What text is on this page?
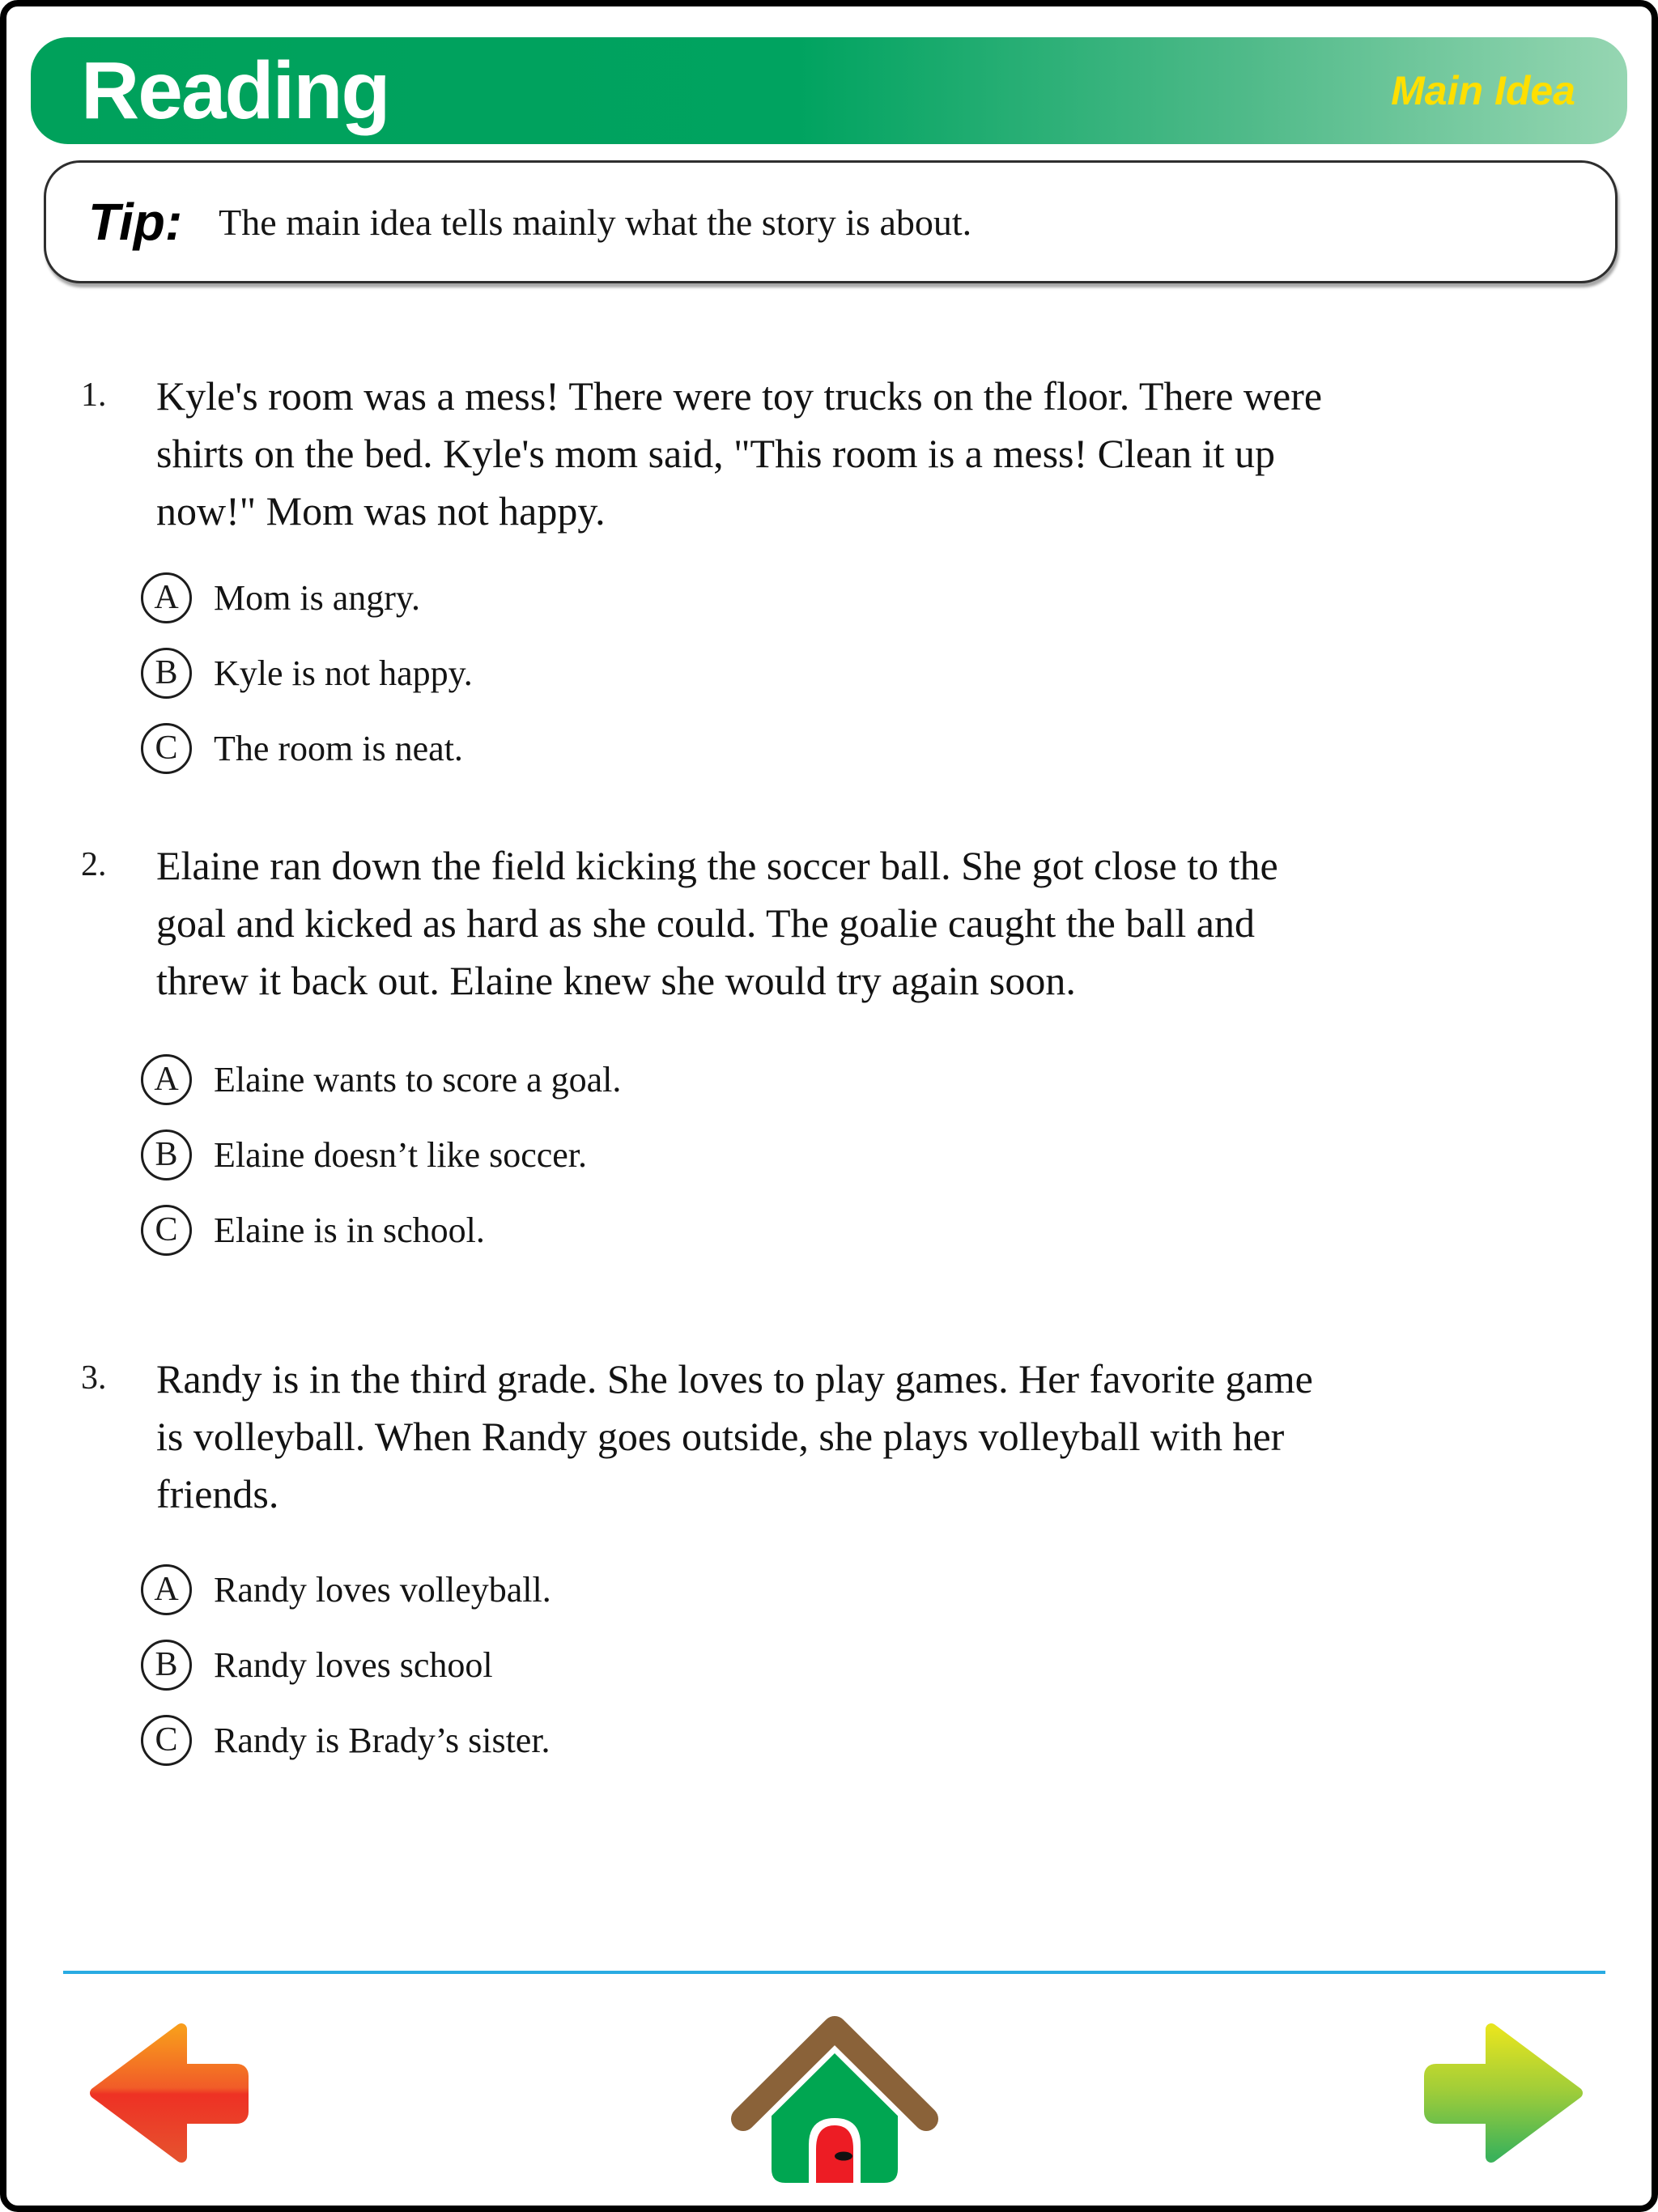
Reading	Main Idea
Tip: The main idea tells mainly what the story is about.
1. Kyle's room was a mess! There were toy trucks on the floor. There were
shirts on the bed. Kyle's mom said, "This room is a mess! Clean it up
now!" Mom was not happy.
A Mom is angry.
B	Kyle is not happy.
C	The room is neat.
2. Elaine ran down the field kicking the soccer ball. She got close to the
goal and kicked as hard as she could. The goalie caught the ball and
threw it back out. Elaine knew she would try again soon.
A Elaine wants to score a goal.
B	Elaine doesn’t like soccer.
C	Elaine is in school.
3. Randy is in the third grade. She loves to play games. Her favorite game
is volleyball. When Randy goes outside, she plays volleyball with her
friends.
A Randy loves volleyball.
B	Randy loves school
C	Randy is Brady’s sister.
